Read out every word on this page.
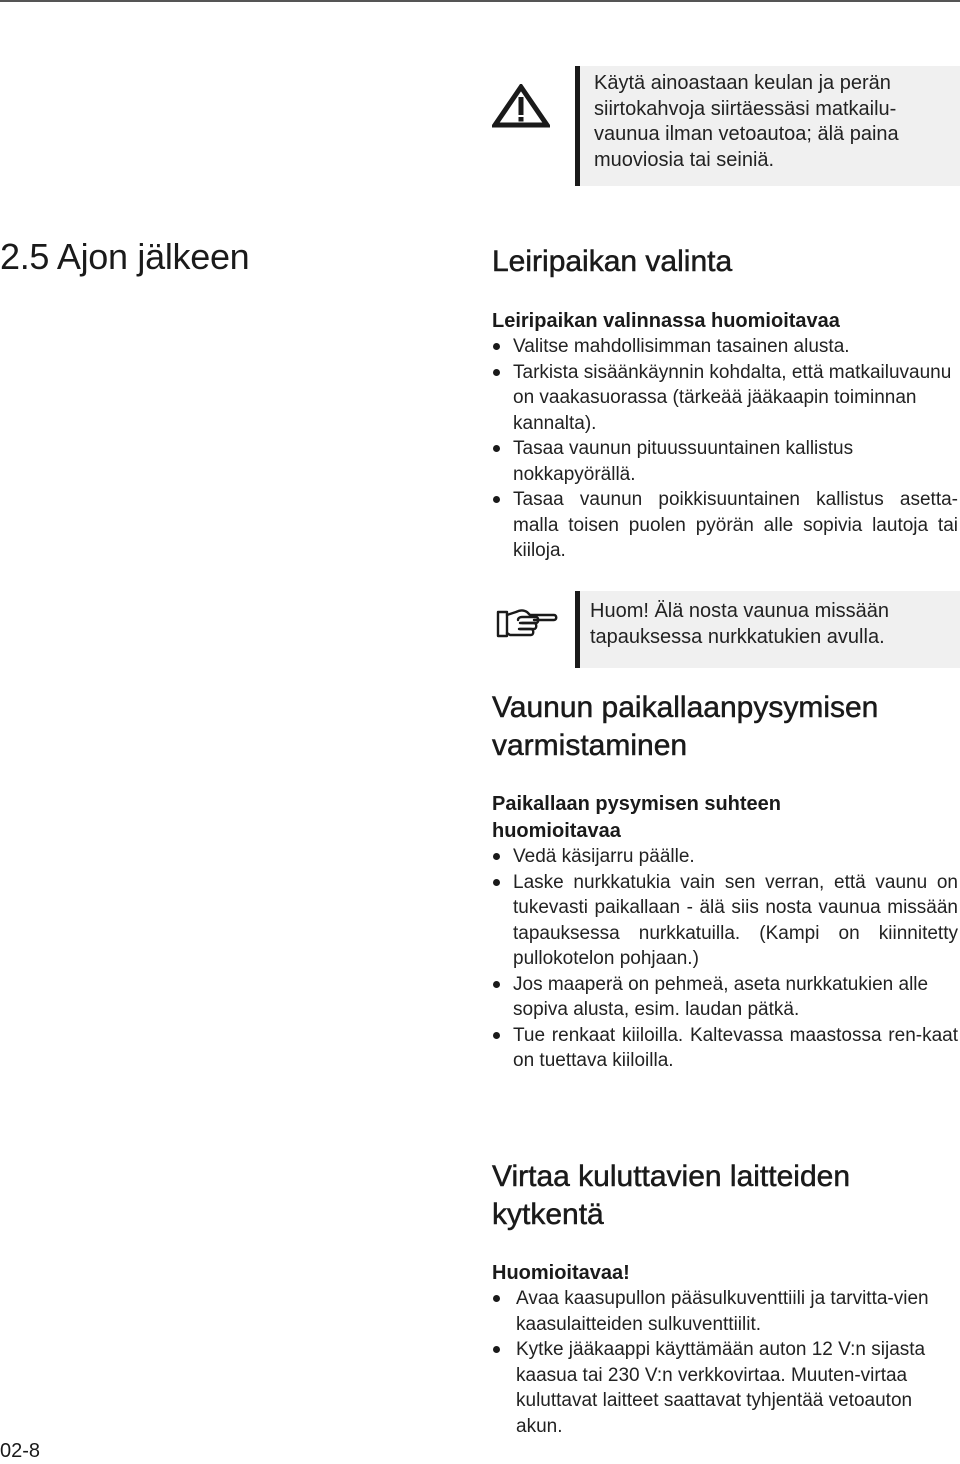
Käytä ainoastaan keulan ja perän
siirtokahvoja siirtäessäsi matkailu-
vaunua ilman vetoautoa; älä paina
muoviosia tai seiniä.
2.5 Ajon jälkeen	Leiripaikan valinta
Leiripaikan valinnassa huomioitavaa
Valitse mahdollisimman tasainen alusta.
Tarkista sisäänkäynnin kohdalta, että matkailuvaunu on vaakasuorassa (tärkeää jääkaapin toiminnan kannalta).
Tasaa vaunun pituussuuntainen kallistus nokkapyörällä.
Tasaa vaunun poikkisuuntainen kallistus asetta-malla toisen puolen pyörän alle sopivia lautoja tai kiiloja.
Huom! Älä nosta vaunua missään
tapauksessa nurkkatukien avulla.
Vaunun paikallaanpysymisen
varmistaminen
Paikallaan pysymisen suhteen
huomioitavaa
Vedä käsijarru päälle.
Laske nurkkatukia vain sen verran, että vaunu on tukevasti paikallaan - älä siis nosta vaunua missään tapauksessa nurkkatuilla. (Kampi on kiinnitetty pullokotelon pohjaan.)
Jos maaperä on pehmeä, aseta nurkkatukien alle sopiva alusta, esim. laudan pätkä.
Tue renkaat kiiloilla. Kaltevassa maastossa ren-kaat on tuettava kiiloilla.
Virtaa kuluttavien laitteiden
kytkentä
Huomioitavaa!
Avaa kaasupullon pääsulkuventtiili ja tarvitta-vien kaasulaitteiden sulkuventtiilit.
Kytke jääkaappi käyttämään auton 12 V:n sijasta kaasua tai 230 V:n verkkovirtaa. Muuten-virtaa kuluttavat laitteet saattavat tyhjentää vetoauton akun.
02-8
